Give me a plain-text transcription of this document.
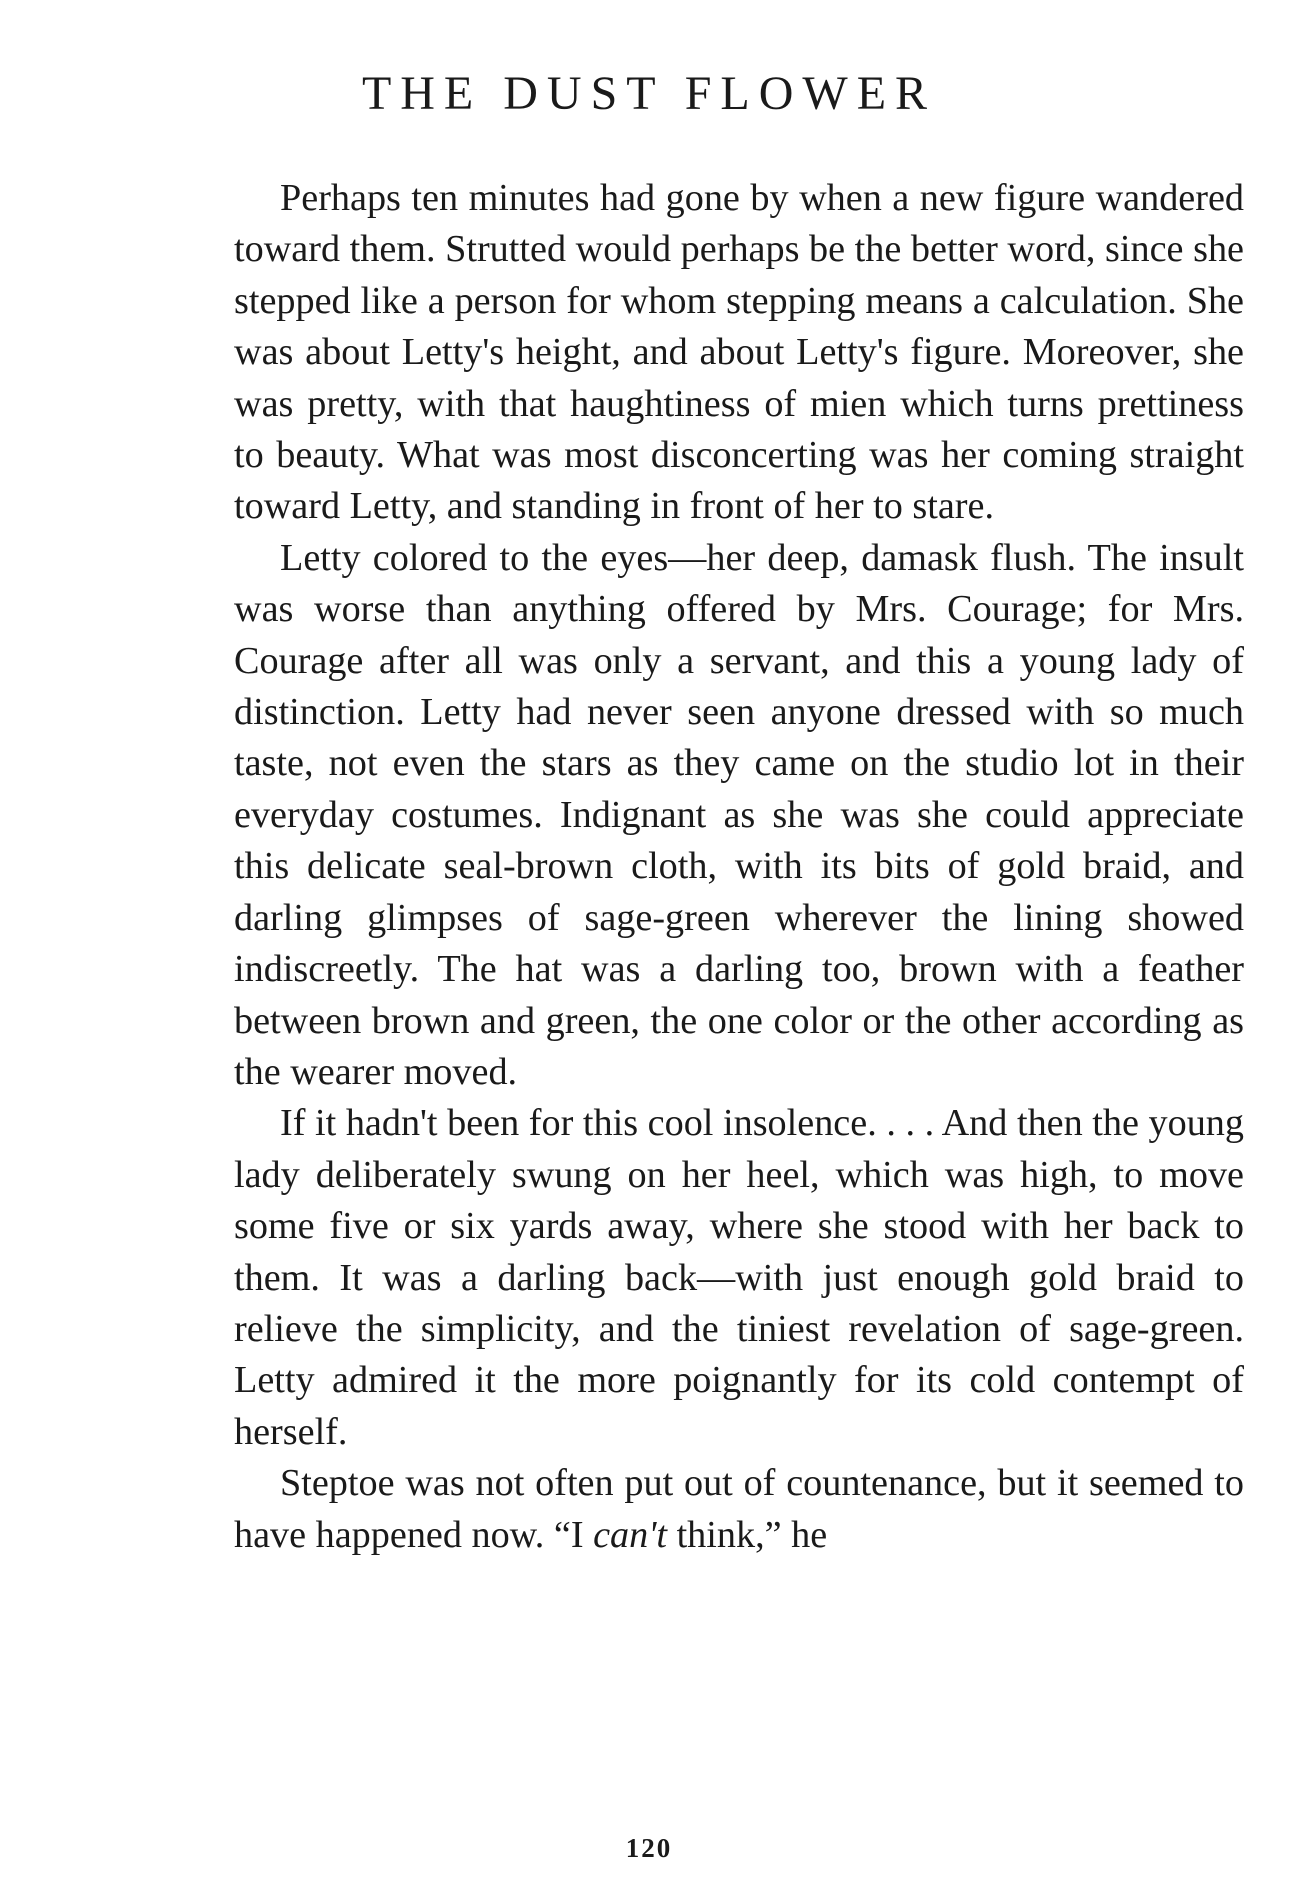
THE DUST FLOWER

Perhaps ten minutes had gone by when a new figure wandered toward them. Strutted would perhaps be the better word, since she stepped like a person for whom stepping means a calculation. She was about Letty's height, and about Letty's figure. Moreover, she was pretty, with that haughtiness of mien which turns prettiness to beauty. What was most disconcerting was her coming straight toward Letty, and standing in front of her to stare.

Letty colored to the eyes—her deep, damask flush. The insult was worse than anything offered by Mrs. Courage; for Mrs. Courage after all was only a servant, and this a young lady of distinction. Letty had never seen anyone dressed with so much taste, not even the stars as they came on the studio lot in their everyday costumes. Indignant as she was she could appreciate this delicate seal-brown cloth, with its bits of gold braid, and darling glimpses of sage-green wherever the lining showed indiscreetly. The hat was a darling too, brown with a feather between brown and green, the one color or the other according as the wearer moved.

If it hadn't been for this cool insolence. . . . And then the young lady deliberately swung on her heel, which was high, to move some five or six yards away, where she stood with her back to them. It was a darling back—with just enough gold braid to relieve the simplicity, and the tiniest revelation of sage-green. Letty admired it the more poignantly for its cold contempt of herself.

Steptoe was not often put out of countenance, but it seemed to have happened now. “I can't think,” he

120
